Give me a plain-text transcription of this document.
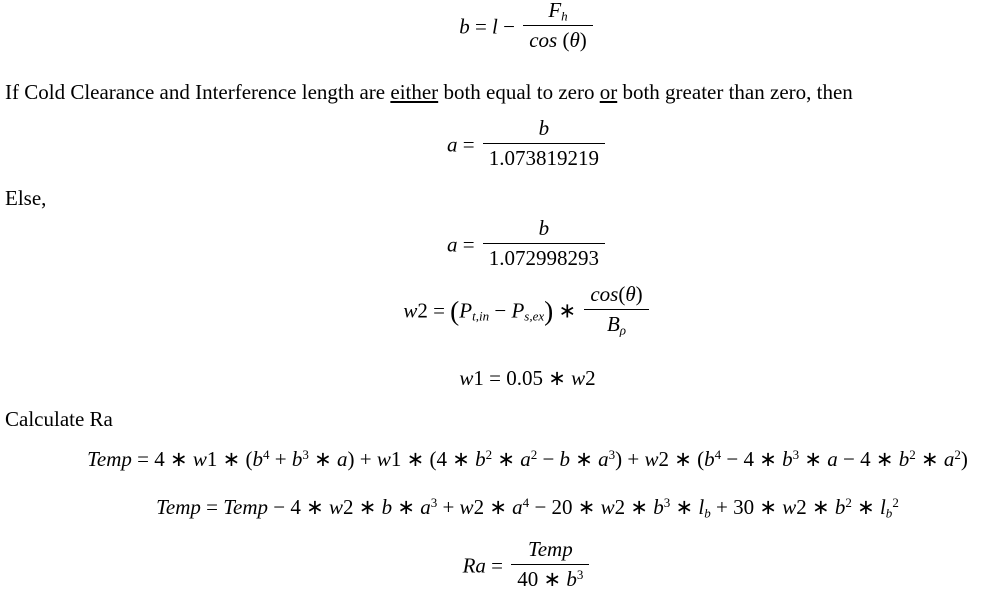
$b = l - \frac{F_h}{\cos (\theta)}$
If Cold Clearance and Interference length are either both equal to zero or both greater than zero, then
$a = \frac{b}{1.073819219}$
Else,
$a = \frac{b}{1.072998293}$
$w2 = (P_{t,in} - P_{s,ex})$ ∗ $\frac{\cos(\theta)}{B_\rho}$
w1 = 0.05 ∗ w2
Calculate Ra
Temp = 4 ∗ w1 ∗ ($b^4 + b^3$ ∗ a) + w1 ∗ (4 ∗ $b^2$ ∗ $a^2 - b$ ∗ $a^3) + w2$ ∗ ($b^4 - 4$ ∗ $b^3$ ∗ a − 4 ∗ $b^2$ ∗ $a^2$)
Temp = Temp − 4 ∗ w2 ∗ b ∗ $a^3 + w2$ ∗ $a^4 - 20$ ∗ w2 ∗ $b^3$ ∗ $l_b + 30$ ∗ w2 ∗ $b^2$ ∗ $l_b^2$
$Ra = \frac{\text{Temp}}{40 ∗ b^3}$
